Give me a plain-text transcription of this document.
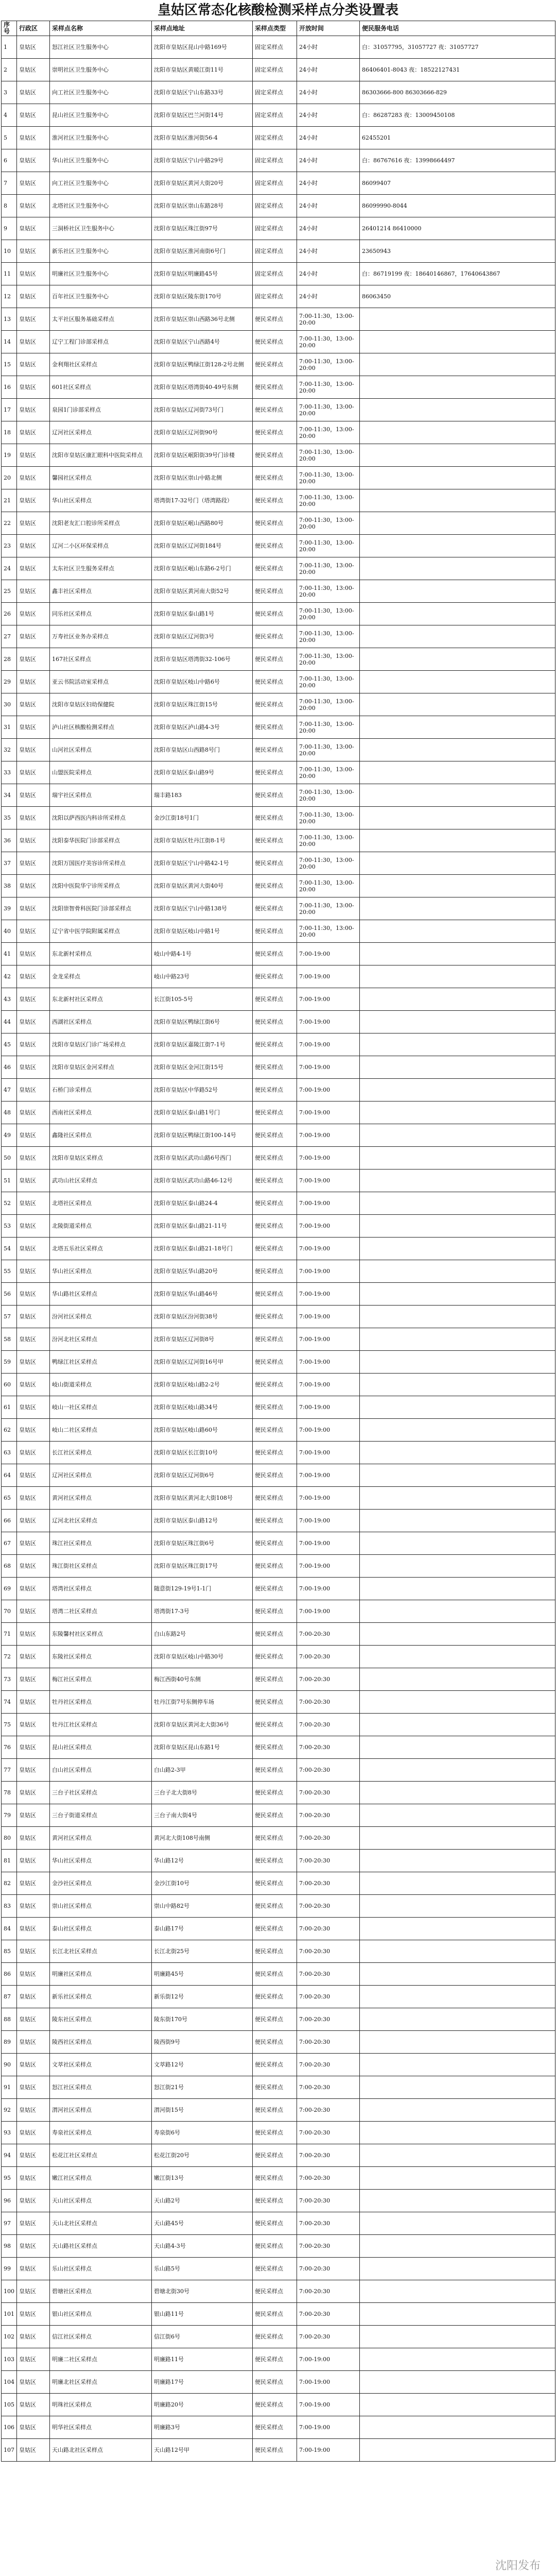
皇姑区常态化核酸检测采样点分类设置表
序号	行政区	采样点名称	采样点地址	采样点类型	开放时间	便民服务电话
1	皇姑区	怒江社区卫生服务中心	沈阳市皇姑区昆山中路169号	固定采样点	24小时	白：31057795，31057727 夜：31057727
2	皇姑区	崇明社区卫生服务中心	沈阳市皇姑区黄暖江街11号	固定采样点	24小时	86406401-8043 夜：18522127431
3	皇姑区	向工社区卫生服务中心	沈阳市皇姑区宁山东路33号	固定采样点	24小时	86303666-800 86303666-829
4	皇姑区	昆山社区卫生服务中心	沈阳市皇姑区巴兰河街14号	固定采样点	24小时	白：86287283 夜：13009450108
5	皇姑区	淮河社区卫生服务中心	沈阳市皇姑区淮河街56-4	固定采样点	24小时	62455201
6	皇姑区	华山社区卫生服务中心	沈阳市皇姑区宁山中路29号	固定采样点	24小时	白：86767616 夜：13998664497
7	皇姑区	向工社区卫生服务中心	沈阳市皇姑区黄河大街20号	固定采样点	24小时	86099407
8	皇姑区	北塔社区卫生服务中心	沈阳市皇姑区崇山东路28号	固定采样点	24小时	86099990-8044
9	皇姑区	三洞桥社区卫生服务中心	沈阳市皇姑区珠江街97号	固定采样点	24小时	26401214 86410000
10	皇姑区	新乐社区卫生服务中心	沈阳市皇姑区淮河南街6号门	固定采样点	24小时	23650943
11	皇姑区	明廉社区卫生服务中心	沈阳市皇姑区明廉路45号	固定采样点	24小时	白：86719199 夜：18640146867，17640643867
12	皇姑区	百年社区卫生服务中心	沈阳市皇姑区陵东街170号	固定采样点	24小时	86063450
13	皇姑区	太平社区服务基础采样点	沈阳市皇姑区崇山西路36号北侧	便民采样点	7:00-11:30，13:00-20:00	
14	皇姑区	辽宁工程门诊部采样点	沈阳市皇姑区宁山西路4号	便民采样点	7:00-11:30，13:00-20:00	
15	皇姑区	金利翔社区采样点	沈阳市皇姑区鸭绿江街128-2号北侧	便民采样点	7:00-11:30，13:00-20:00	
16	皇姑区	601社区采样点	沈阳市皇姑区塔湾街40-49号东侧	便民采样点	7:00-11:30，13:00-20:00	
17	皇姑区	泉园1门诊部采样点	沈阳市皇姑区辽河街73号门	便民采样点	7:00-11:30，13:00-20:00	
18	皇姑区	辽河社区采样点	沈阳市皇姑区辽河街90号	便民采样点	7:00-11:30，13:00-20:00	
19	皇姑区	沈阳市皇姑区康汇眼科中医院采样点	沈阳市皇姑区岷阳街39号门诊楼	便民采样点	7:00-11:30，13:00-20:00	
20	皇姑区	馨园社区采样点	沈阳市皇姑区崇山中路北侧	便民采样点	7:00-11:30，13:00-20:00	
21	皇姑区	华山社区采样点	塔湾街17-32号门（塔湾路段）	便民采样点	7:00-11:30，13:00-20:00	
22	皇姑区	沈阳老友汇口腔诊所采样点	沈阳市皇姑区岷山西路80号	便民采样点	7:00-11:30，13:00-20:00	
23	皇姑区	辽河二小区环保采样点	沈阳市皇姑区辽河街184号	便民采样点	7:00-11:30，13:00-20:00	
24	皇姑区	太东社区卫生服务采样点	沈阳市皇姑区岷山东路6-2号门	便民采样点	7:00-11:30，13:00-20:00	
25	皇姑区	鑫丰社区采样点	沈阳市皇姑区黄河南大街52号	便民采样点	7:00-11:30，13:00-20:00	
26	皇姑区	同乐社区采样点	沈阳市皇姑区泰山路1号	便民采样点	7:00-11:30，13:00-20:00	
27	皇姑区	万寿社区业务办采样点	沈阳市皇姑区辽河街3号	便民采样点	7:00-11:30，13:00-20:00	
28	皇姑区	167社区采样点	沈阳市皇姑区塔湾街32-106号	便民采样点	7:00-11:30，13:00-20:00	
29	皇姑区	亚云书院活动室采样点	沈阳市皇姑区岐山中路6号	便民采样点	7:00-11:30，13:00-20:00	
30	皇姑区	沈阳市皇姑区妇幼保健院	沈阳市皇姑区珠江街15号	便民采样点	7:00-11:30，13:00-20:00	
31	皇姑区	泸山社区核酸检测采样点	沈阳市皇姑区泸山路4-3号	便民采样点	7:00-11:30，13:00-20:00	
32	皇姑区	山河社区采样点	沈阳市皇姑区山西路8号门	便民采样点	7:00-11:30，13:00-20:00	
33	皇姑区	山盟医院采样点	沈阳市皇姑区泰山路9号	便民采样点	7:00-11:30，13:00-20:00	
34	皇姑区	瑞宇社区采样点	瑞丰路183	便民采样点	7:00-11:30，13:00-20:00	
35	皇姑区	沈阳以萨西医内科诊所采样点	金沙江街18号1门	便民采样点	7:00-11:30，13:00-20:00	
36	皇姑区	沈阳泰华医院门诊部采样点	沈阳市皇姑区牡丹江街8-1号	便民采样点	7:00-11:30，13:00-20:00	
37	皇姑区	沈阳万国医疗美容诊所采样点	沈阳市皇姑区宁山中路42-1号	便民采样点	7:00-11:30，13:00-20:00	
38	皇姑区	沈阳中医院华宁诊所采样点	沈阳市皇姑区黄河大街40号	便民采样点	7:00-11:30，13:00-20:00	
39	皇姑区	沈阳崇智骨科医院门诊部采样点	沈阳市皇姑区宁山中路138号	便民采样点	7:00-11:30，13:00-20:00	
40	皇姑区	辽宁省中医学院附属采样点	沈阳市皇姑区岐山中路1号	便民采样点	7:00-11:30，13:00-20:00	
41	皇姑区	东北新村采样点	岐山中路4-1号	便民采样点	7:00-19:00	
42	皇姑区	金龙采样点	岐山中路23号	便民采样点	7:00-19:00	
43	皇姑区	东北新村社区采样点	长江街105-5号	便民采样点	7:00-19:00	
44	皇姑区	西湖社区采样点	沈阳市皇姑区鸭绿江街6号	便民采样点	7:00-19:00	
45	皇姑区	沈阳市皇姑区门诊广场采样点	沈阳市皇姑区嘉陵江街7-1号	便民采样点	7:00-19:00	
46	皇姑区	沈阳市皇姑区金河采样点	沈阳市皇姑区金河江街15号	便民采样点	7:00-19:00	
47	皇姑区	石桥门诊采样点	沈阳市皇姑区中华路52号	便民采样点	7:00-19:00	
48	皇姑区	西南社区采样点	沈阳市皇姑区泰山路1号门	便民采样点	7:00-19:00	
49	皇姑区	鑫隆社区采样点	沈阳市皇姑区鸭绿江街100-14号	便民采样点	7:00-19:00	
50	皇姑区	沈阳市皇姑区采样点	沈阳市皇姑区武功山路6号西门	便民采样点	7:00-19:00	
51	皇姑区	武功山社区采样点	沈阳市皇姑区武功山路46-12号	便民采样点	7:00-19:00	
52	皇姑区	北塔社区采样点	沈阳市皇姑区泰山路24-4	便民采样点	7:00-19:00	
53	皇姑区	北陵街道采样点	沈阳市皇姑区泰山路21-11号	便民采样点	7:00-19:00	
54	皇姑区	北塔五乐社区采样点	沈阳市皇姑区泰山路21-18号门	便民采样点	7:00-19:00	
55	皇姑区	华山社区采样点	沈阳市皇姑区华山路20号	便民采样点	7:00-19:00	
56	皇姑区	华山路社区采样点	沈阳市皇姑区华山路46号	便民采样点	7:00-19:00	
57	皇姑区	汾河社区采样点	沈阳市皇姑区汾河街38号	便民采样点	7:00-19:00	
58	皇姑区	汾河北社区采样点	沈阳市皇姑区辽河街8号	便民采样点	7:00-19:00	
59	皇姑区	鸭绿江社区采样点	沈阳市皇姑区辽河街16号甲	便民采样点	7:00-19:00	
60	皇姑区	岐山街道采样点	沈阳市皇姑区岐山路2-2号	便民采样点	7:00-19:00	
61	皇姑区	岐山一社区采样点	沈阳市皇姑区岐山路34号	便民采样点	7:00-19:00	
62	皇姑区	岐山二社区采样点	沈阳市皇姑区岐山路60号	便民采样点	7:00-19:00	
63	皇姑区	长江社区采样点	沈阳市皇姑区长江街10号	便民采样点	7:00-19:00	
64	皇姑区	辽河社区采样点	沈阳市皇姑区辽河街6号	便民采样点	7:00-19:00	
65	皇姑区	黄河社区采样点	沈阳市皇姑区黄河北大街108号	便民采样点	7:00-19:00	
66	皇姑区	辽河北社区采样点	沈阳市皇姑区泰山路12号	便民采样点	7:00-19:00	
67	皇姑区	珠江社区采样点	沈阳市皇姑区珠江街6号	便民采样点	7:00-19:00	
68	皇姑区	珠江街社区采样点	沈阳市皇姑区珠江街17号	便民采样点	7:00-19:00	
69	皇姑区	塔湾社区采样点	随意街129-19号1-1门	便民采样点	7:00-19:00	
70	皇姑区	塔湾二社区采样点	塔湾街17-3号	便民采样点	7:00-19:00	
71	皇姑区	东陵馨村社区采样点	白山东路2号	便民采样点	7:00-20:30	
72	皇姑区	东陵社区采样点	沈阳市皇姑区岐山中路30号	便民采样点	7:00-20:30	
73	皇姑区	梅江社区采样点	梅江西街40号东侧	便民采样点	7:00-20:30	
74	皇姑区	牡丹社区采样点	牡丹江街7号东侧停车场	便民采样点	7:00-20:30	
75	皇姑区	牡丹江社区采样点	沈阳市皇姑区黄河北大街36号	便民采样点	7:00-20:30	
76	皇姑区	昆山社区采样点	沈阳市皇姑区昆山东路1号	便民采样点	7:00-20:30	
77	皇姑区	白山社区采样点	白山路2-3甲	便民采样点	7:00-20:30	
78	皇姑区	三台子社区采样点	三台子北大街8号	便民采样点	7:00-20:30	
79	皇姑区	三台子街道采样点	三台子南大街4号	便民采样点	7:00-20:30	
80	皇姑区	黄河社区采样点	黄河北大街108号南侧	便民采样点	7:00-20:30	
81	皇姑区	华山社区采样点	华山路12号	便民采样点	7:00-20:30	
82	皇姑区	金沙社区采样点	金沙江街10号	便民采样点	7:00-20:30	
83	皇姑区	崇山社区采样点	崇山中路82号	便民采样点	7:00-20:30	
84	皇姑区	泰山社区采样点	泰山路17号	便民采样点	7:00-20:30	
85	皇姑区	长江北社区采样点	长江北街25号	便民采样点	7:00-20:30	
86	皇姑区	明廉社区采样点	明廉路45号	便民采样点	7:00-20:30	
87	皇姑区	新乐社区采样点	新乐街12号	便民采样点	7:00-20:30	
88	皇姑区	陵东社区采样点	陵东街170号	便民采样点	7:00-20:30	
89	皇姑区	陵西社区采样点	陵西街9号	便民采样点	7:00-20:30	
90	皇姑区	文萃社区采样点	文萃路12号	便民采样点	7:00-20:30	
91	皇姑区	怒江社区采样点	怒江街21号	便民采样点	7:00-20:30	
92	皇姑区	渭河社区采样点	渭河街15号	便民采样点	7:00-20:30	
93	皇姑区	寿泉社区采样点	寿泉街6号	便民采样点	7:00-20:30	
94	皇姑区	松花江社区采样点	松花江街20号	便民采样点	7:00-20:30	
95	皇姑区	嫩江社区采样点	嫩江街13号	便民采样点	7:00-20:30	
96	皇姑区	天山社区采样点	天山路2号	便民采样点	7:00-20:30	
97	皇姑区	天山北社区采样点	天山路45号	便民采样点	7:00-20:30	
98	皇姑区	天山路社区采样点	天山路4-3号	便民采样点	7:00-20:30	
99	皇姑区	乐山社区采样点	乐山路5号	便民采样点	7:00-20:30	
100	皇姑区	碧塘社区采样点	碧塘北街30号	便民采样点	7:00-20:30	
101	皇姑区	银山社区采样点	银山路11号	便民采样点	7:00-20:30	
102	皇姑区	信江社区采样点	信江街6号	便民采样点	7:00-20:30	
103	皇姑区	明廉二社区采样点	明廉路11号	便民采样点	7:00-19:00	
104	皇姑区	明廉北社区采样点	明廉路17号	便民采样点	7:00-19:00	
105	皇姑区	明珠社区采样点	明廉路20号	便民采样点	7:00-19:00	
106	皇姑区	明华社区采样点	明廉路3号	便民采样点	7:00-19:00	
107	皇姑区	天山路北社区采样点	天山路12号甲	便民采样点	7:00-19:00	
沈阳发布
